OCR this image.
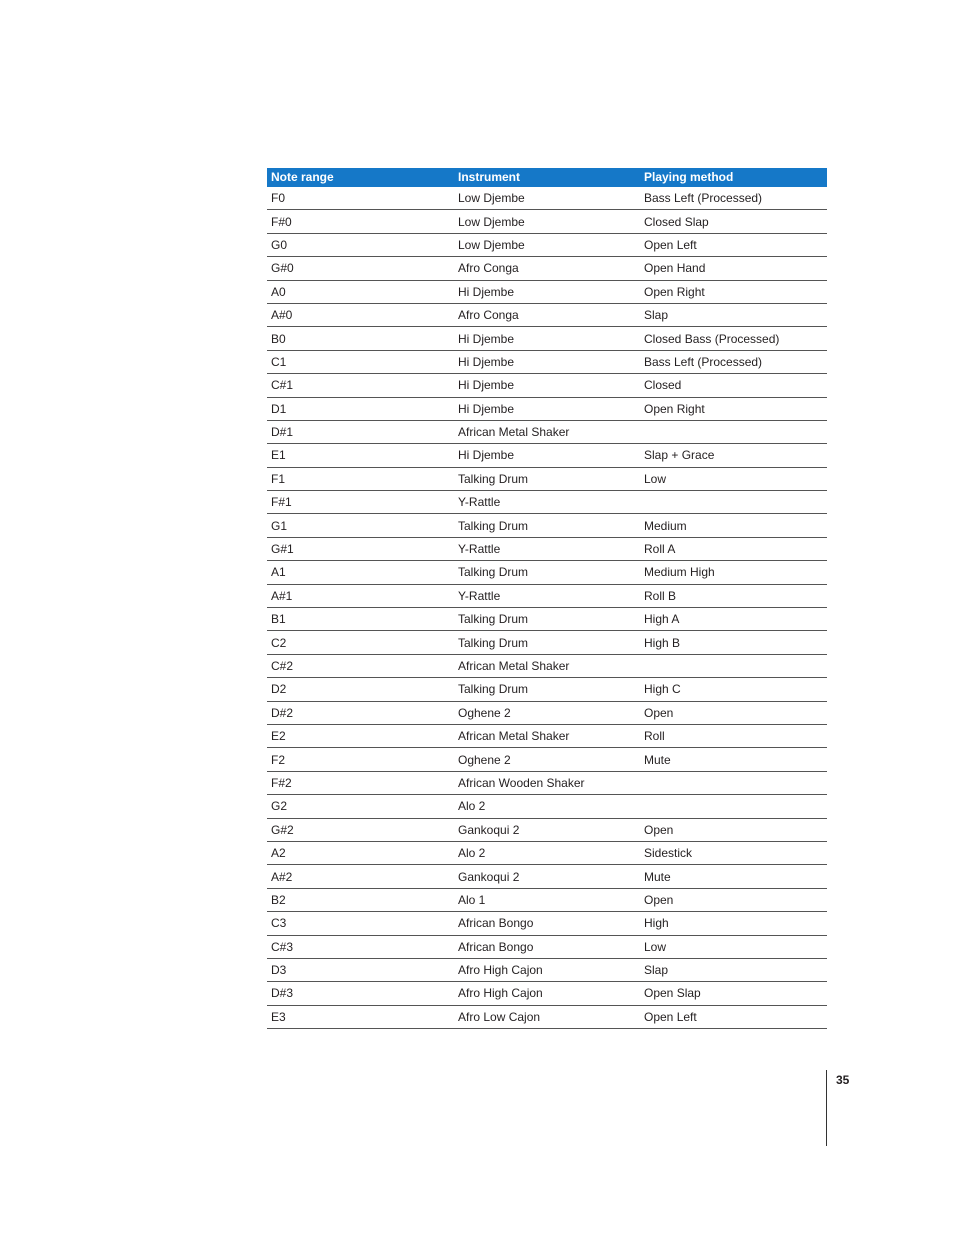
Note range	Instrument	Playing method
F0	Low Djembe	Bass Left (Processed)
F#0	Low Djembe	Closed Slap
G0	Low Djembe	Open Left
G#0	Afro Conga	Open Hand
A0	Hi Djembe	Open Right
A#0	Afro Conga	Slap
B0	Hi Djembe	Closed Bass (Processed)
C1	Hi Djembe	Bass Left (Processed)
C#1	Hi Djembe	Closed
D1	Hi Djembe	Open Right
D#1	African Metal Shaker	
E1	Hi Djembe	Slap + Grace
F1	Talking Drum	Low
F#1	Y-Rattle	
G1	Talking Drum	Medium
G#1	Y-Rattle	Roll A
A1	Talking Drum	Medium High
A#1	Y-Rattle	Roll B
B1	Talking Drum	High A
C2	Talking Drum	High B
C#2	African Metal Shaker	
D2	Talking Drum	High C
D#2	Oghene 2	Open
E2	African Metal Shaker	Roll
F2	Oghene 2	Mute
F#2	African Wooden Shaker	
G2	Alo 2	
G#2	Gankoqui 2	Open
A2	Alo 2	Sidestick
A#2	Gankoqui 2	Mute
B2	Alo 1	Open
C3	African Bongo	High
C#3	African Bongo	Low
D3	Afro High Cajon	Slap
D#3	Afro High Cajon	Open Slap
E3	Afro Low Cajon	Open Left
35
